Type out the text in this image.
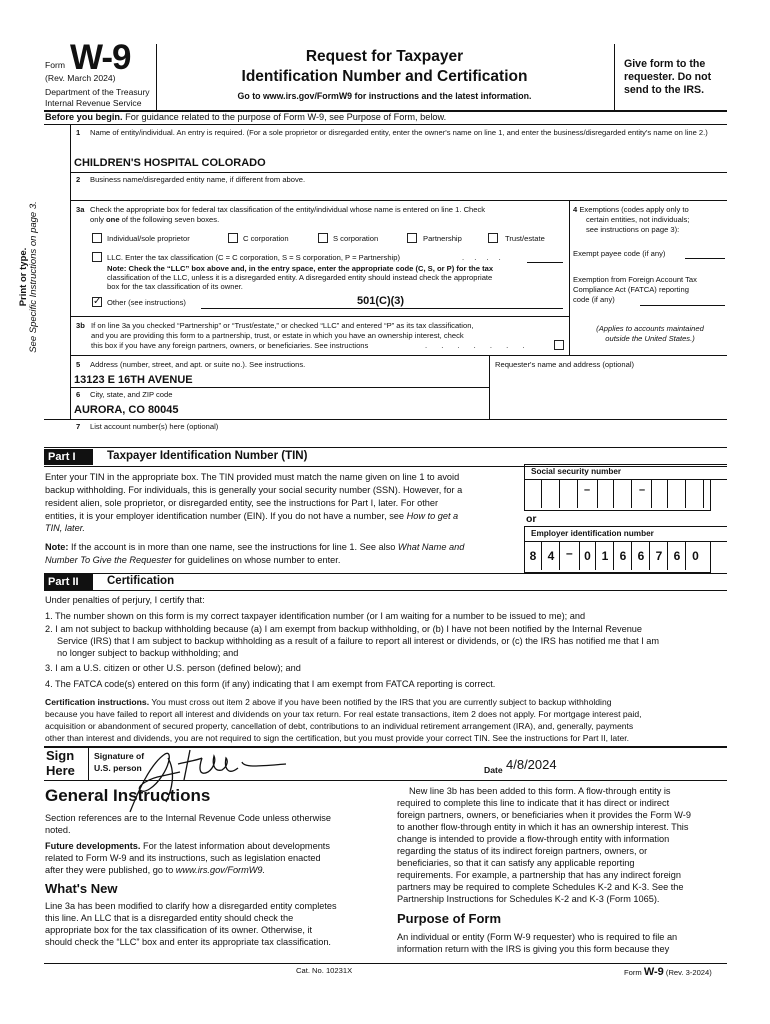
Form W-9
(Rev. March 2024)
Department of the Treasury
Internal Revenue Service
Request for Taxpayer
Identification Number and Certification
Go to www.irs.gov/FormW9 for instructions and the latest information.
Give form to the
requester. Do not
send to the IRS.
Before you begin. For guidance related to the purpose of Form W-9, see Purpose of Form, below.
Print or type. See Specific Instructions on page 3.
1 Name of entity/individual. An entry is required. (For a sole proprietor or disregarded entity, enter the owner's name on line 1, and enter the business/disregarded entity's name on line 2.)
CHILDREN'S HOSPITAL COLORADO
2 Business name/disregarded entity name, if different from above.
3a Check the appropriate box for federal tax classification of the entity/individual whose name is entered on line 1. Check
only one of the following seven boxes.
Individual/sole proprietor	C corporation	S corporation	Partnership	Trust/estate
LLC. Enter the tax classification (C = C corporation, S = S corporation, P = Partnership)	. . . .
Note: Check the “LLC” box above and, in the entry space, enter the appropriate code (C, S, or P) for the tax
classification of the LLC, unless it is a disregarded entity. A disregarded entity should instead check the appropriate
box for the tax classification of its owner.
✓ Other (see instructions)	501(C)(3)
4 Exemptions (codes apply only to
certain entities, not individuals;
see instructions on page 3):
Exempt payee code (if any)
Exemption from Foreign Account Tax
Compliance Act (FATCA) reporting
code (if any)
(Applies to accounts maintained
outside the United States.)
3b If on line 3a you checked “Partnership” or “Trust/estate,” or checked “LLC” and entered “P” as its tax classification,
and you are providing this form to a partnership, trust, or estate in which you have an ownership interest, check
this box if you have any foreign partners, owners, or beneficiaries. See instructions	. . . . . . .
5 Address (number, street, and apt. or suite no.). See instructions.
13123 E 16TH AVENUE
Requester's name and address (optional)
6 City, state, and ZIP code
AURORA, CO 80045
7 List account number(s) here (optional)
Part I	Taxpayer Identification Number (TIN)
Enter your TIN in the appropriate box. The TIN provided must match the name given on line 1 to avoid
backup withholding. For individuals, this is generally your social security number (SSN). However, for a
resident alien, sole proprietor, or disregarded entity, see the instructions for Part I, later. For other
entities, it is your employer identification number (EIN). If you do not have a number, see How to get a
TIN, later.
Note: If the account is in more than one name, see the instructions for line 1. See also What Name and
Number To Give the Requester for guidelines on whose number to enter.
Social security number
–	–
or
Employer identification number
8 4 – 0 1 6 6 7 6 0
Part II	Certification
Under penalties of perjury, I certify that:
1. The number shown on this form is my correct taxpayer identification number (or I am waiting for a number to be issued to me); and
2. I am not subject to backup withholding because (a) I am exempt from backup withholding, or (b) I have not been notified by the Internal Revenue
Service (IRS) that I am subject to backup withholding as a result of a failure to report all interest or dividends, or (c) the IRS has notified me that I am
no longer subject to backup withholding; and
3. I am a U.S. citizen or other U.S. person (defined below); and
4. The FATCA code(s) entered on this form (if any) indicating that I am exempt from FATCA reporting is correct.
Certification instructions. You must cross out item 2 above if you have been notified by the IRS that you are currently subject to backup withholding
because you have failed to report all interest and dividends on your tax return. For real estate transactions, item 2 does not apply. For mortgage interest paid,
acquisition or abandonment of secured property, cancellation of debt, contributions to an individual retirement arrangement (IRA), and, generally, payments
other than interest and dividends, you are not required to sign the certification, but you must provide your correct TIN. See the instructions for Part II, later.
Sign
Here
Signature of
U.S. person	Date 4/8/2024
General Instructions
Section references are to the Internal Revenue Code unless otherwise
noted.
Future developments. For the latest information about developments
related to Form W-9 and its instructions, such as legislation enacted
after they were published, go to www.irs.gov/FormW9.
What's New
Line 3a has been modified to clarify how a disregarded entity completes
this line. An LLC that is a disregarded entity should check the
appropriate box for the tax classification of its owner. Otherwise, it
should check the “LLC” box and enter its appropriate tax classification.
New line 3b has been added to this form. A flow-through entity is
required to complete this line to indicate that it has direct or indirect
foreign partners, owners, or beneficiaries when it provides the Form W-9
to another flow-through entity in which it has an ownership interest. This
change is intended to provide a flow-through entity with information
regarding the status of its indirect foreign partners, owners, or
beneficiaries, so that it can satisfy any applicable reporting
requirements. For example, a partnership that has any indirect foreign
partners may be required to complete Schedules K-2 and K-3. See the
Partnership Instructions for Schedules K-2 and K-3 (Form 1065).
Purpose of Form
An individual or entity (Form W-9 requester) who is required to file an
information return with the IRS is giving you this form because they
Cat. No. 10231X	Form W-9 (Rev. 3-2024)
